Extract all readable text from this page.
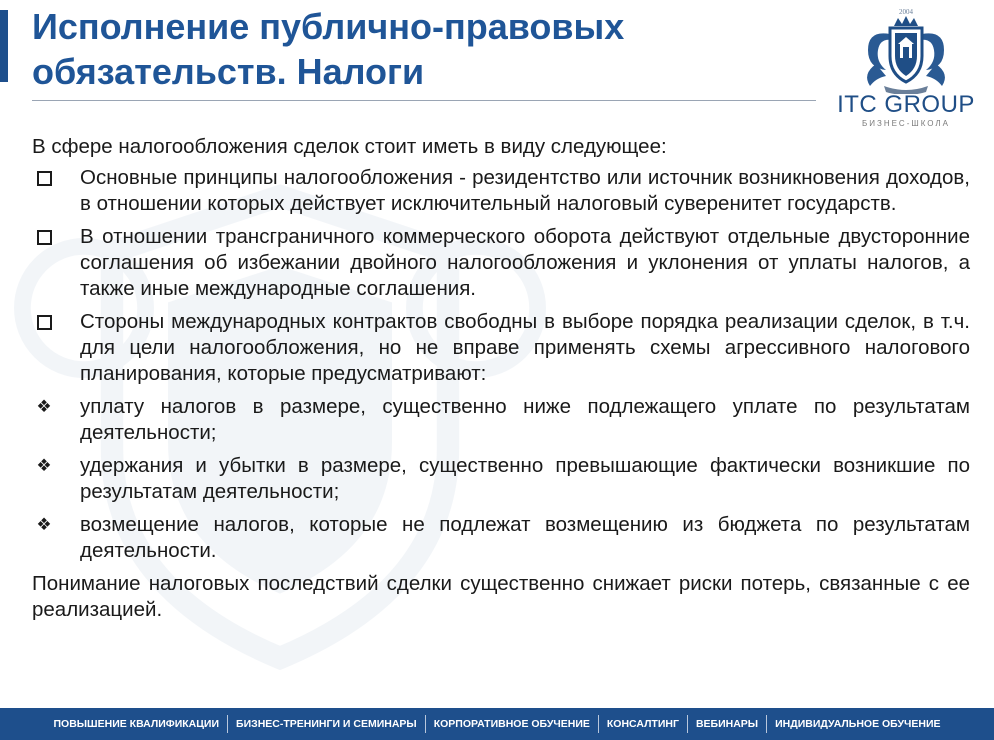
Исполнение публично-правовых обязательств. Налоги
2004
ITC GROUP
БИЗНЕС-ШКОЛА

В сфере налогообложения сделок стоит иметь в виду следующее:

Основные принципы налогообложения - резидентство или источник возникновения доходов, в отношении которых действует исключительный налоговый суверенитет государств.
В отношении трансграничного коммерческого оборота действуют отдельные двусторонние соглашения об избежании двойного налогообложения и уклонения от уплаты налогов, а также иные международные соглашения.
Стороны международных контрактов свободны в выборе порядка реализации сделок, в т.ч. для цели налогообложения, но не вправе применять схемы агрессивного налогового планирования, которые предусматривают:
❖ уплату налогов в размере, существенно ниже подлежащего уплате по результатам деятельности;
❖ удержания и убытки в размере, существенно превышающие фактически возникшие по результатам деятельности;
❖ возмещение налогов, которые не подлежат возмещению из бюджета по результатам деятельности.

Понимание налоговых последствий сделки существенно снижает риски потерь, связанные с ее реализацией.

ПОВЫШЕНИЕ КВАЛИФИКАЦИИ	БИЗНЕС-ТРЕНИНГИ И СЕМИНАРЫ	КОРПОРАТИВНОЕ ОБУЧЕНИЕ	КОНСАЛТИНГ	ВЕБИНАРЫ	ИНДИВИДУАЛЬНОЕ ОБУЧЕНИЕ
